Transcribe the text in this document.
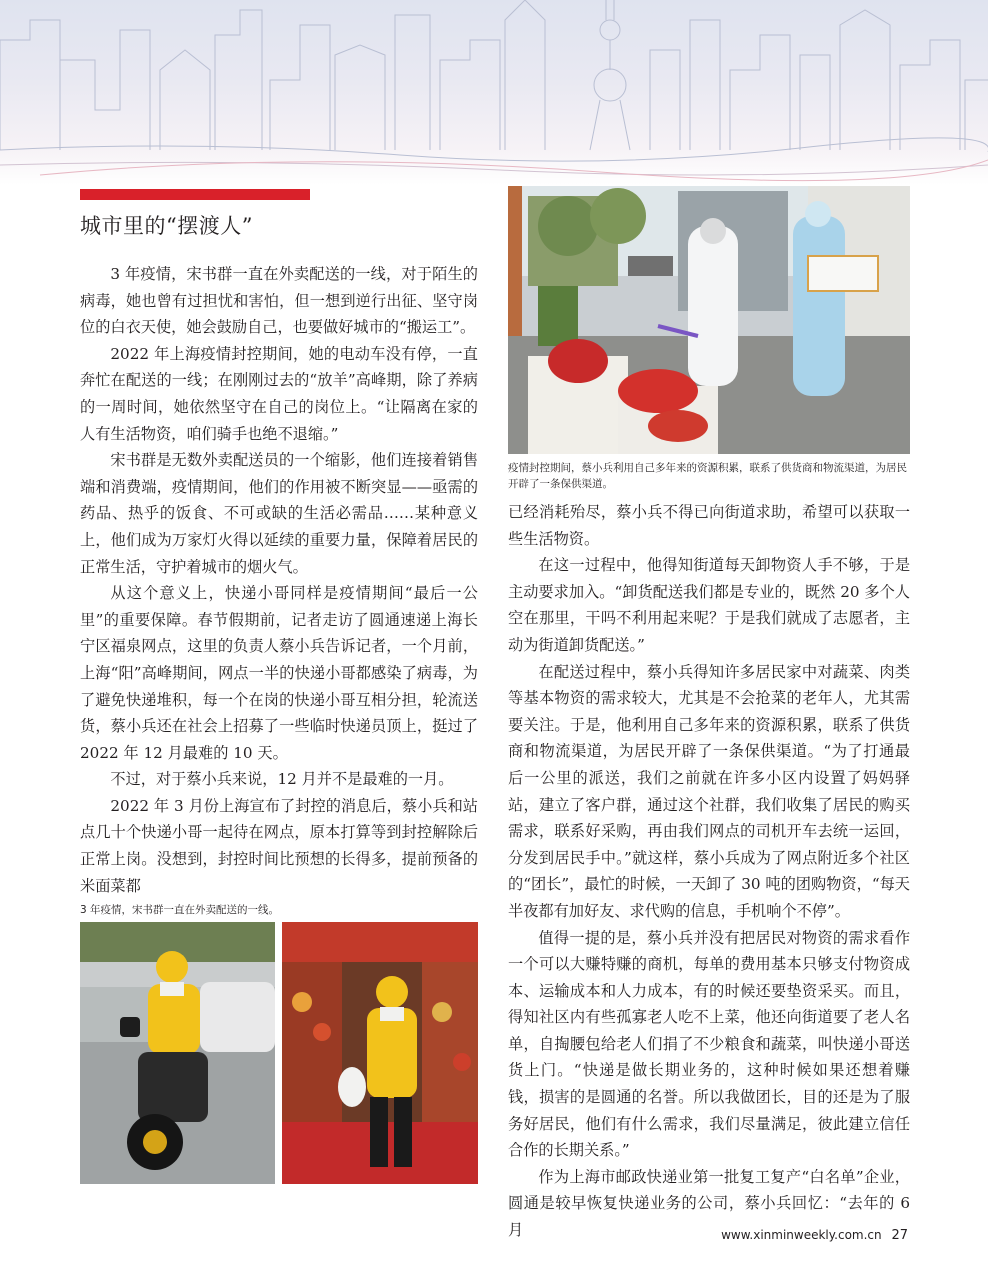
城市里的“摆渡人”

3 年疫情，宋书群一直在外卖配送的一线，对于陌生的病毒，她也曾有过担忧和害怕，但一想到逆行出征、坚守岗位的白衣天使，她会鼓励自己，也要做好城市的“搬运工”。

2022 年上海疫情封控期间，她的电动车没有停，一直奔忙在配送的一线；在刚刚过去的“放羊”高峰期，除了养病的一周时间，她依然坚守在自己的岗位上。“让隔离在家的人有生活物资，咱们骑手也绝不退缩。”

宋书群是无数外卖配送员的一个缩影，他们连接着销售端和消费端，疫情期间，他们的作用被不断突显——亟需的药品、热乎的饭食、不可或缺的生活必需品……某种意义上，他们成为万家灯火得以延续的重要力量，保障着居民的正常生活，守护着城市的烟火气。

从这个意义上，快递小哥同样是疫情期间“最后一公里”的重要保障。春节假期前，记者走访了圆通速递上海长宁区福泉网点，这里的负责人蔡小兵告诉记者，一个月前，上海“阳”高峰期间，网点一半的快递小哥都感染了病毒，为了避免快递堆积，每一个在岗的快递小哥互相分担，轮流送货，蔡小兵还在社会上招募了一些临时快递员顶上，挺过了 2022 年 12 月最难的 10 天。

不过，对于蔡小兵来说，12 月并不是最难的一月。

2022 年 3 月份上海宣布了封控的消息后，蔡小兵和站点几十个快递小哥一起待在网点，原本打算等到封控解除后正常上岗。没想到，封控时间比预想的长得多，提前预备的米面菜都

疫情封控期间，蔡小兵利用自己多年来的资源积累，联系了供货商和物流渠道，为居民开辟了一条保供渠道。

已经消耗殆尽，蔡小兵不得已向街道求助，希望可以获取一些生活物资。

在这一过程中，他得知街道每天卸物资人手不够，于是主动要求加入。“卸货配送我们都是专业的，既然 20 多个人空在那里，干吗不利用起来呢？于是我们就成了志愿者，主动为街道卸货配送。”

在配送过程中，蔡小兵得知许多居民家中对蔬菜、肉类等基本物资的需求较大，尤其是不会抢菜的老年人，尤其需要关注。于是，他利用自己多年来的资源积累，联系了供货商和物流渠道，为居民开辟了一条保供渠道。“为了打通最后一公里的派送，我们之前就在许多小区内设置了妈妈驿站，建立了客户群，通过这个社群，我们收集了居民的购买需求，联系好采购，再由我们网点的司机开车去统一运回，分发到居民手中。”就这样，蔡小兵成为了网点附近多个社区的“团长”，最忙的时候，一天卸了 30 吨的团购物资，“每天半夜都有加好友、求代购的信息，手机响个不停”。

值得一提的是，蔡小兵并没有把居民对物资的需求看作一个可以大赚特赚的商机，每单的费用基本只够支付物资成本、运输成本和人力成本，有的时候还要垫资采买。而且，得知社区内有些孤寡老人吃不上菜，他还向街道要了老人名单，自掏腰包给老人们捐了不少粮食和蔬菜，叫快递小哥送货上门。“快递是做长期业务的，这种时候如果还想着赚钱，损害的是圆通的名誉。所以我做团长，目的还是为了服务好居民，他们有什么需求，我们尽量满足，彼此建立信任合作的长期关系。”

作为上海市邮政快递业第一批复工复产“白名单”企业，圆通是较早恢复快递业务的公司，蔡小兵回忆：“去年的 6 月

3 年疫情，宋书群一直在外卖配送的一线。
www.xinminweekly.com.cn 27
